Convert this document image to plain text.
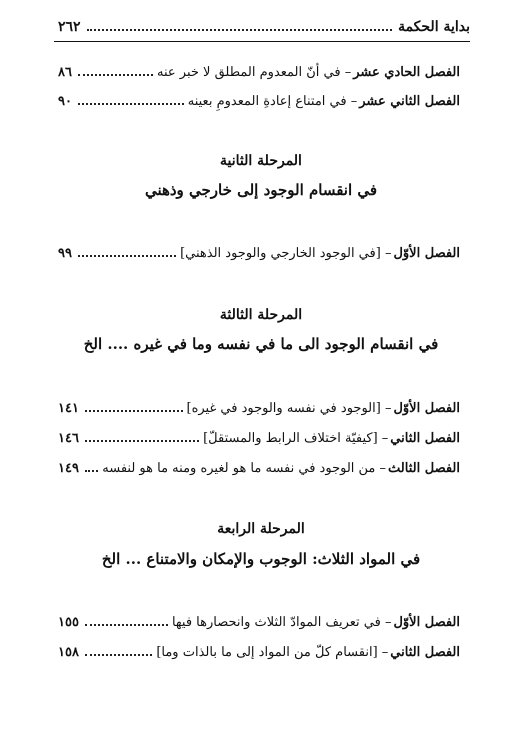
بداية الحكمة
٢٦٢
الفصل الحادي عشر
– في أنّ المعدوم المطلق لا خبر عنه
٨٦
الفصل الثاني عشر
– في امتناع إعادةِ المعدومِ بعينه
٩٠
المرحلة الثانية
في انقسام الوجود إلى خارجي وذهني
الفصل الأوّل
– [في الوجود الخارجي والوجود الذهني]
٩٩
المرحلة الثالثة
في انقسام الوجود الى ما في نفسه وما في غيره .... الخ
الفصل الأوّل
– [الوجود في نفسه والوجود في غيره]
١٤١
الفصل الثاني
– [كيفيّة اختلاف الرابط والمستقلّ]
١٤٦
الفصل الثالث
– من الوجود في نفسه ما هو لغيره ومنه ما هو لنفسه
١٤٩
المرحلة الرابعة
في المواد الثلاث: الوجوب والإمكان والامتناع ... الخ
الفصل الأوّل
– في تعريف الموادّ الثلاث وانحصارها فيها
١٥٥
الفصل الثاني
– [انقسام كلّ من المواد إلى ما بالذات وما]
١٥٨
